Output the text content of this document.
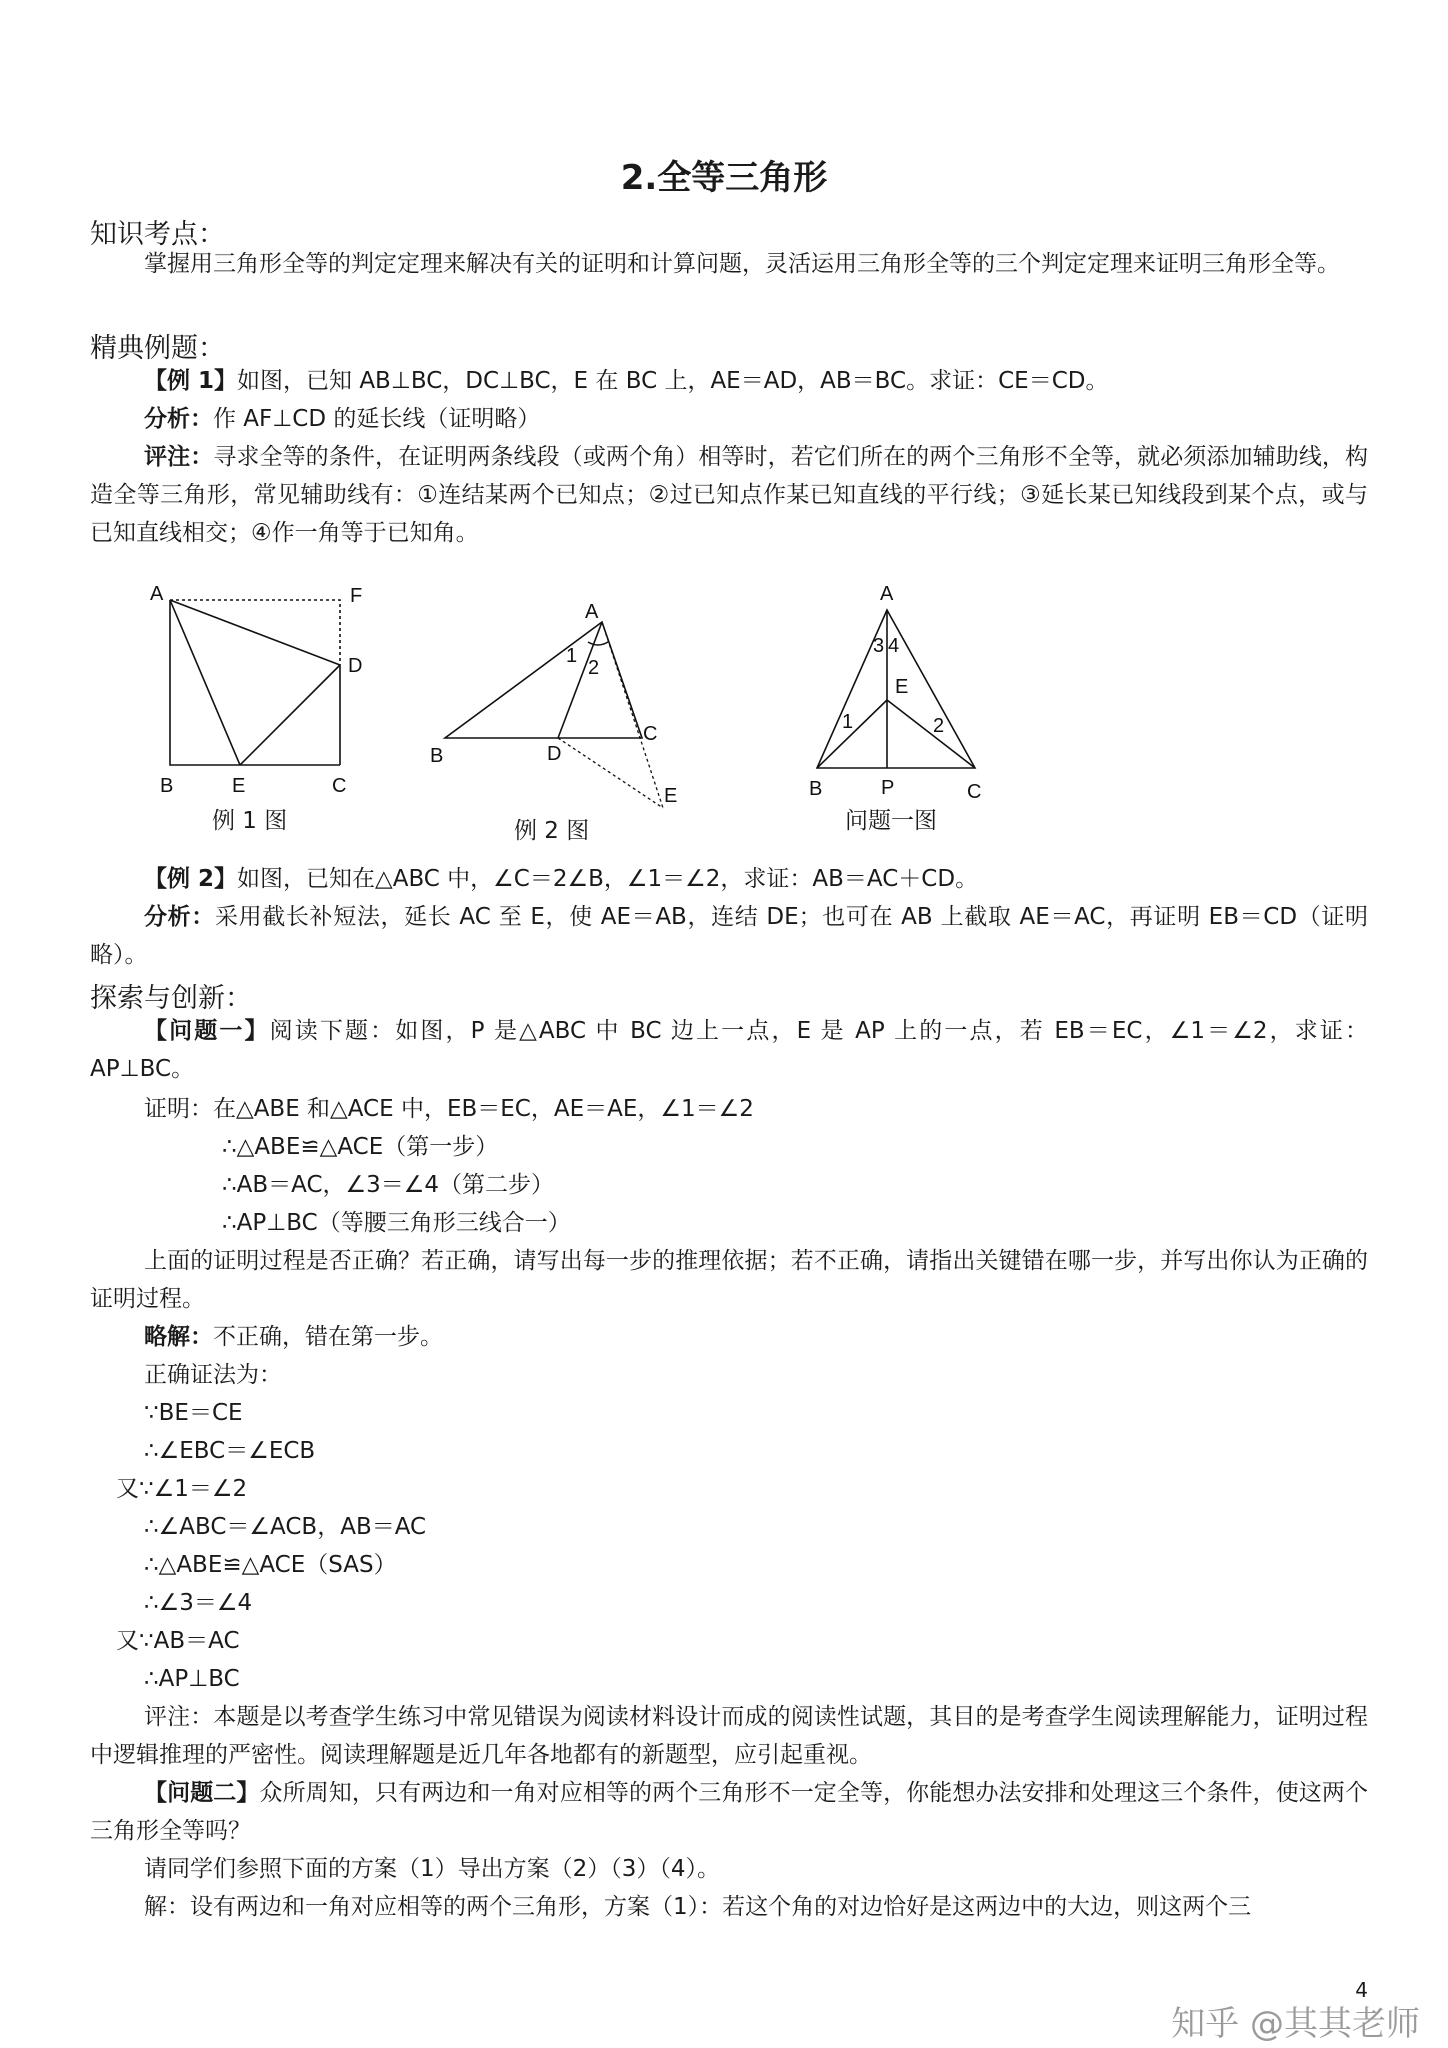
2.全等三角形
知识考点：

掌握用三角形全等的判定定理来解决有关的证明和计算问题，灵活运用三角形全等的三个判定定理来证明三角形全等。

精典例题：

【例 1】如图，已知 AB⊥BC，DC⊥BC，E 在 BC 上，AE＝AD，AB＝BC。求证：CE＝CD。

分析：作 AF⊥CD 的延长线（证明略）

评注：寻求全等的条件，在证明两条线段（或两个角）相等时，若它们所在的两个三角形不全等，就必须添加辅助线，构造全等三角形，常见辅助线有：①连结某两个已知点；②过已知点作某已知直线的平行线；③延长某已知线段到某个点，或与已知直线相交；④作一角等于已知角。

A	F
D
B	E	C
例 1 图
A
B
C
D
E
1
2
例 2 图
A
B	C
E
P
1	2
3 4
问题一图

【例 2】如图，已知在△ABC 中，∠C＝2∠B，∠1＝∠2，求证：AB＝AC＋CD。

分析：采用截长补短法，延长 AC 至 E，使 AE＝AB，连结 DE；也可在 AB 上截取 AE＝AC，再证明 EB＝CD（证明略）。

探索与创新：

【问题一】阅读下题：如图，P 是△ABC 中 BC 边上一点，E 是 AP 上的一点，若 EB＝EC，∠1＝∠2，求证：AP⊥BC。

证明：在△ABE 和△ACE 中，EB＝EC，AE＝AE，∠1＝∠2
∴△ABE≌△ACE（第一步）
∴AB＝AC，∠3＝∠4（第二步）
∴AP⊥BC（等腰三角形三线合一）

上面的证明过程是否正确？若正确，请写出每一步的推理依据；若不正确，请指出关键错在哪一步，并写出你认为正确的证明过程。

略解：不正确，错在第一步。

正确证法为：
∵BE＝CE
∴∠EBC＝∠ECB
又∵∠1＝∠2
∴∠ABC＝∠ACB，AB＝AC
∴△ABE≌△ACE（SAS）
∴∠3＝∠4
又∵AB＝AC
∴AP⊥BC

评注：本题是以考查学生练习中常见错误为阅读材料设计而成的阅读性试题，其目的是考查学生阅读理解能力，证明过程中逻辑推理的严密性。阅读理解题是近几年各地都有的新题型，应引起重视。

【问题二】众所周知，只有两边和一角对应相等的两个三角形不一定全等，你能想办法安排和处理这三个条件，使这两个三角形全等吗？

请同学们参照下面的方案（1）导出方案（2）（3）（4）。

解：设有两边和一角对应相等的两个三角形，方案（1）：若这个角的对边恰好是这两边中的大边，则这两个三

4
知乎 @其其老师
